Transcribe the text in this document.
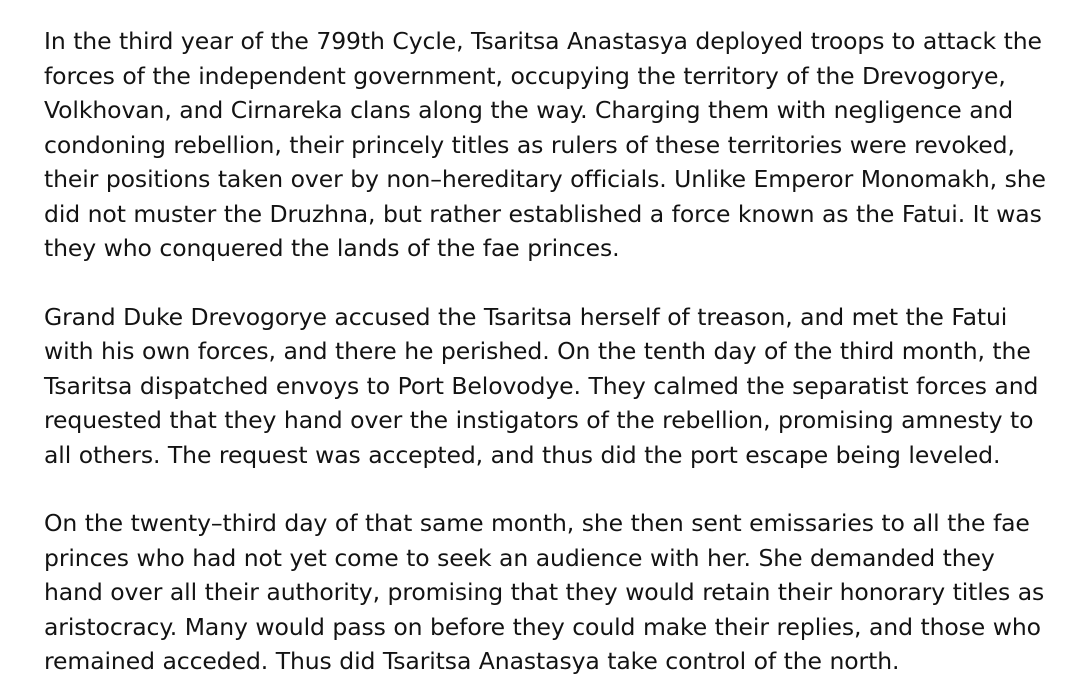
In the third year of the 799th Cycle, Tsaritsa Anastasya deployed troops to attack the forces of the independent government, occupying the territory of the Drevogorye, Volkhovan, and Cirnareka clans along the way. Charging them with negligence and condoning rebellion, their princely titles as rulers of these territories were revoked, their positions taken over by non–hereditary officials. Unlike Emperor Monomakh, she did not muster the Druzhna, but rather established a force known as the Fatui. It was they who conquered the lands of the fae princes.

Grand Duke Drevogorye accused the Tsaritsa herself of treason, and met the Fatui with his own forces, and there he perished. On the tenth day of the third month, the Tsaritsa dispatched envoys to Port Belovodye. They calmed the separatist forces and requested that they hand over the instigators of the rebellion, promising amnesty to all others. The request was accepted, and thus did the port escape being leveled.

On the twenty–third day of that same month, she then sent emissaries to all the fae princes who had not yet come to seek an audience with her. She demanded they hand over all their authority, promising that they would retain their honorary titles as aristocracy. Many would pass on before they could make their replies, and those who remained acceded. Thus did Tsaritsa Anastasya take control of the north.
